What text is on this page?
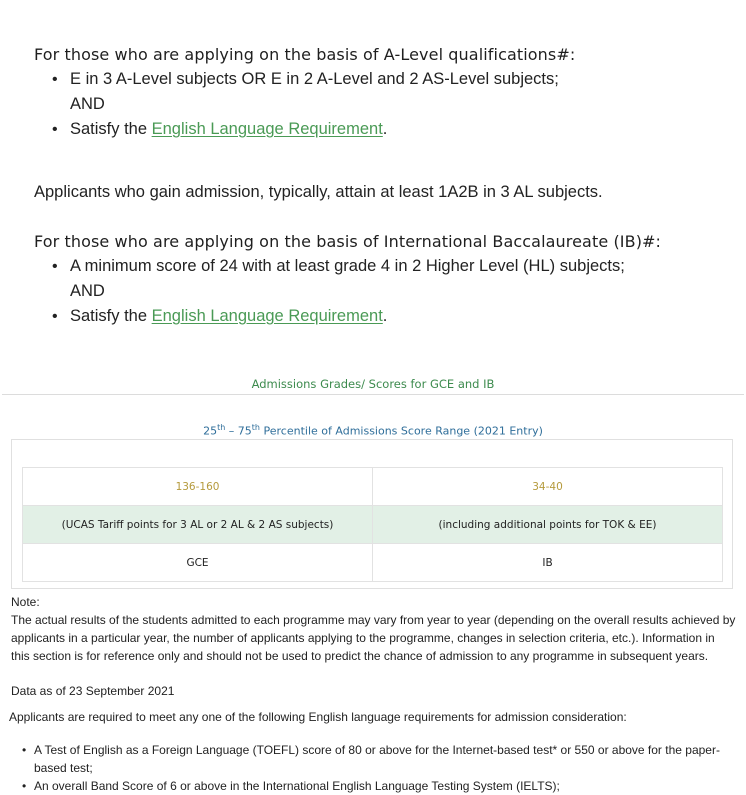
For those who are applying on the basis of A-Level qualifications#:
• E in 3 A-Level subjects OR E in 2 A-Level and 2 AS-Level subjects;
AND
• Satisfy the English Language Requirement.
Applicants who gain admission, typically, attain at least 1A2B in 3 AL subjects.
For those who are applying on the basis of International Baccalaureate (IB)#:
• A minimum score of 24 with at least grade 4 in 2 Higher Level (HL) subjects;
AND
• Satisfy the English Language Requirement.
Admissions Grades/ Scores for GCE and IB
25th – 75th Percentile of Admissions Score Range (2021 Entry)
136-160	34-40
(UCAS Tariff points for 3 AL or 2 AL & 2 AS subjects)	(including additional points for TOK & EE)
GCE	IB
Note:
The actual results of the students admitted to each programme may vary from year to year (depending on the overall results achieved by applicants in a particular year, the number of applicants applying to the programme, changes in selection criteria, etc.). Information in this section is for reference only and should not be used to predict the chance of admission to any programme in subsequent years.
Data as of 23 September 2021
Applicants are required to meet any one of the following English language requirements for admission consideration:
• A Test of English as a Foreign Language (TOEFL) score of 80 or above for the Internet-based test* or 550 or above for the paper-based test;
• An overall Band Score of 6 or above in the International English Language Testing System (IELTS);
